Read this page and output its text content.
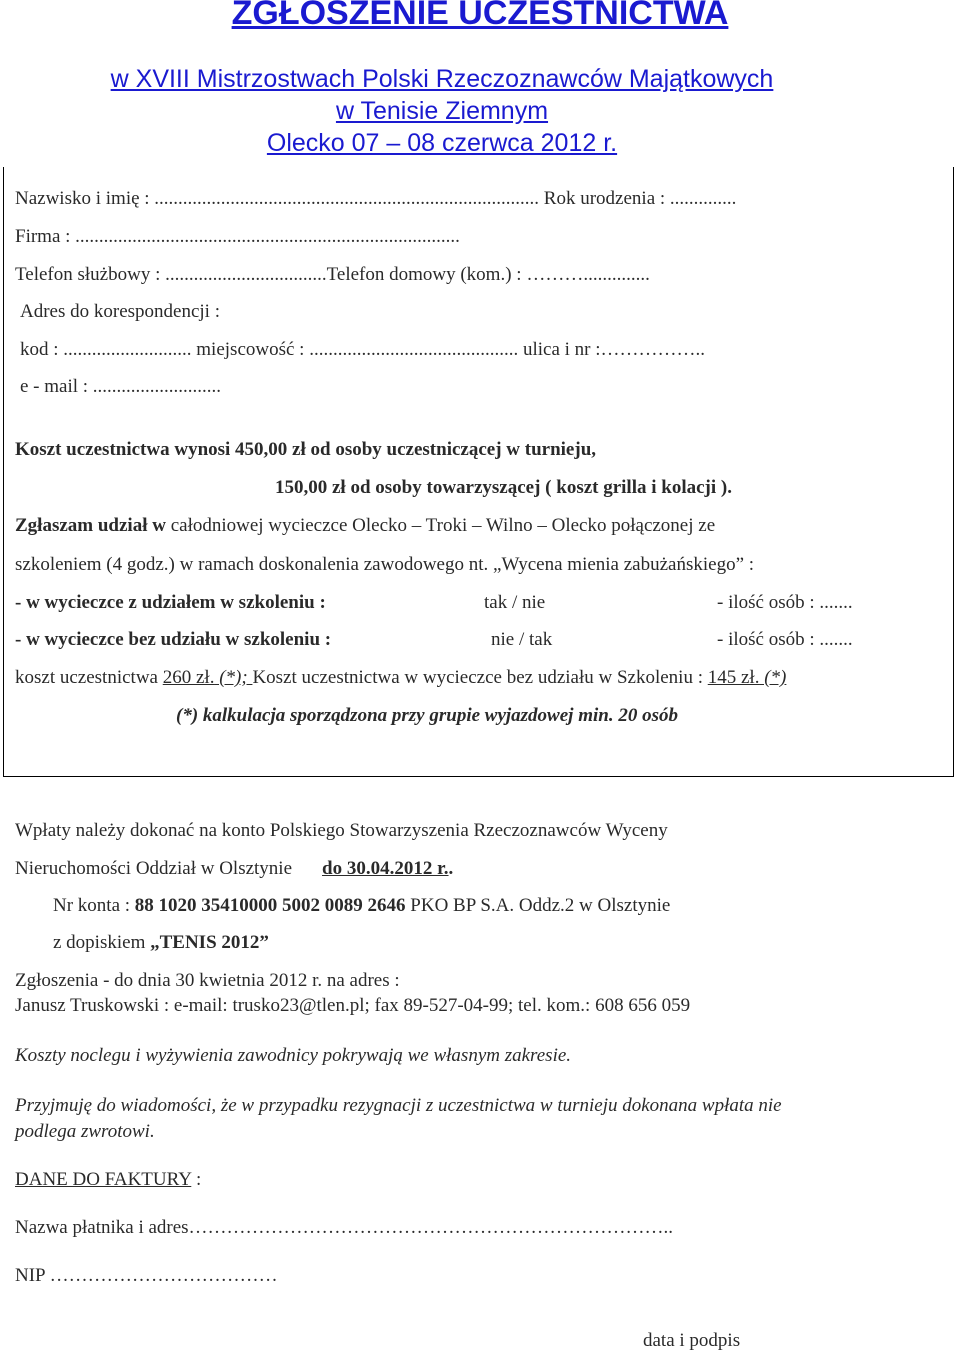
ZGŁOSZENIE UCZESTNICTWA
w XVIII Mistrzostwach Polski Rzeczoznawców Majątkowych
w Tenisie Ziemnym
Olecko 07 – 08 czerwca 2012 r.
Nazwisko i imię : ................................................................................. Rok urodzenia : ..............
Firma : .................................................................................
Telefon służbowy : ..................................Telefon domowy (kom.) : ………..............
Adres do korespondencji :
kod : ........................... miejscowość : ............................................ ulica i nr :……………..
e - mail : ...........................
Koszt uczestnictwa wynosi 450,00 zł od osoby uczestniczącej w turnieju,
150,00 zł od osoby towarzyszącej ( koszt grilla i kolacji ).
Zgłaszam udział w całodniowej wycieczce Olecko – Troki – Wilno – Olecko połączonej ze
szkoleniem (4 godz.) w ramach doskonalenia zawodowego nt. „Wycena mienia zabużańskiego” :
- w wycieczce z udziałem w szkoleniu :	tak / nie	- ilość osób : .......
- w wycieczce bez udziału w szkoleniu :	nie / tak	- ilość osób : .......
koszt uczestnictwa 260 zł. (*); Koszt uczestnictwa w wycieczce bez udziału w Szkoleniu : 145 zł. (*)
(*) kalkulacja sporządzona przy grupie wyjazdowej min. 20 osób
Wpłaty należy dokonać na konto Polskiego Stowarzyszenia Rzeczoznawców Wyceny
Nieruchomości Oddział w Olsztynie do 30.04.2012 r..
Nr konta : 88 1020 35410000 5002 0089 2646 PKO BP S.A. Oddz.2 w Olsztynie
z dopiskiem „TENIS 2012”
Zgłoszenia - do dnia 30 kwietnia 2012 r. na adres :
Janusz Truskowski : e-mail: trusko23@tlen.pl; fax 89-527-04-99; tel. kom.: 608 656 059
Koszty noclegu i wyżywienia zawodnicy pokrywają we własnym zakresie.
Przyjmuję do wiadomości, że w przypadku rezygnacji z uczestnictwa w turnieju dokonana wpłata nie
podlega zwrotowi.
DANE DO FAKTURY :
Nazwa płatnika i adres…………………………………………………………………..
NIP ………………………………
data i podpis
